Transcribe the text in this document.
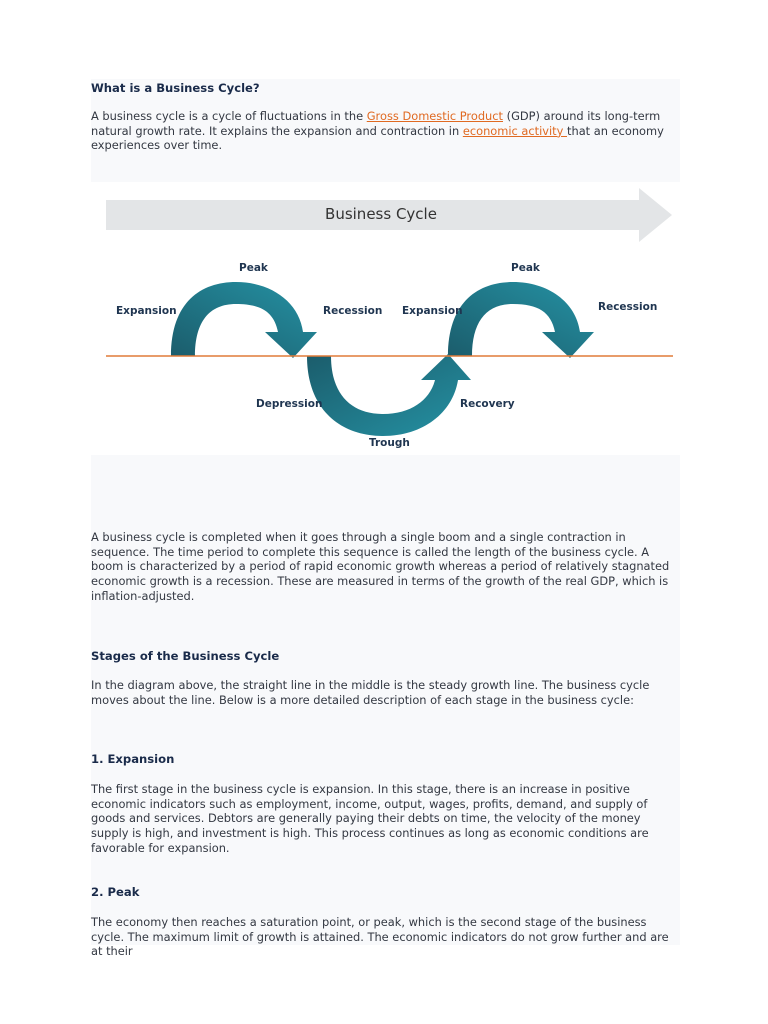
What is a Business Cycle?
A business cycle is a cycle of fluctuations in the Gross Domestic Product (GDP) around its long-term natural growth rate. It explains the expansion and contraction in economic activity that an economy experiences over time.
Business Cycle
Expansion
Peak
Recession Expansion
Peak
Recession
Depression
Trough
Recovery
A business cycle is completed when it goes through a single boom and a single contraction in sequence. The time period to complete this sequence is called the length of the business cycle. A boom is characterized by a period of rapid economic growth whereas a period of relatively stagnated economic growth is a recession. These are measured in terms of the growth of the real GDP, which is inflation-adjusted.
Stages of the Business Cycle
In the diagram above, the straight line in the middle is the steady growth line. The business cycle moves about the line. Below is a more detailed description of each stage in the business cycle:
1. Expansion
The first stage in the business cycle is expansion. In this stage, there is an increase in positive economic indicators such as employment, income, output, wages, profits, demand, and supply of goods and services. Debtors are generally paying their debts on time, the velocity of the money supply is high, and investment is high. This process continues as long as economic conditions are favorable for expansion.
2. Peak
The economy then reaches a saturation point, or peak, which is the second stage of the business cycle. The maximum limit of growth is attained. The economic indicators do not grow further and are at their
